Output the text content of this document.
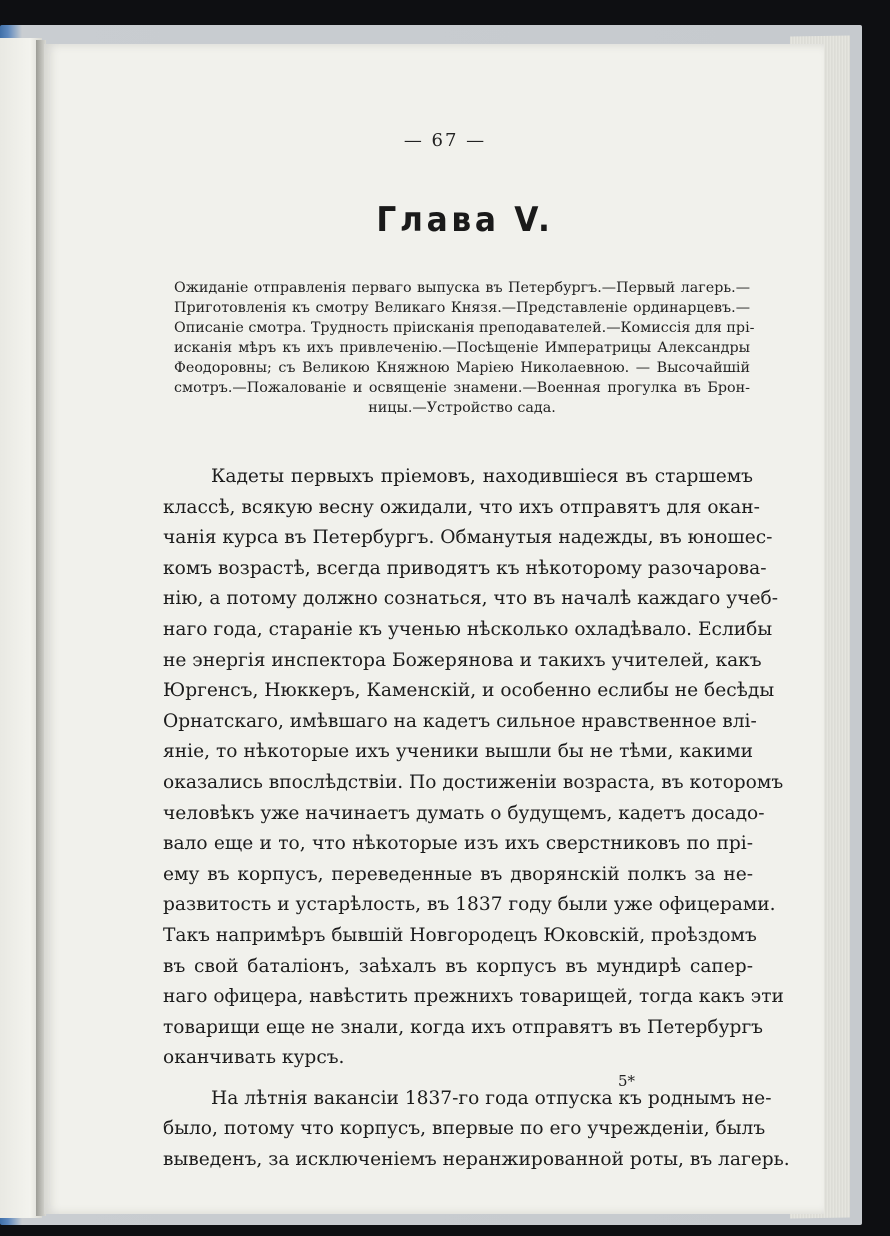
— 67 —
Глава V.
Ожиданіе отправленія перваго выпуска въ Петербургъ.—Первый лагерь.—
Приготовленія къ смотру Великаго Князя.—Представленіе ординарцевъ.—
Описаніе смотра. Трудность пріисканія преподавателей.—Комиссія для прі-
исканія мѣръ къ ихъ привлеченію.—Посѣщеніе Императрицы Александры
Феодоровны; съ Великою Княжною Маріею Николаевною. — Высочайшій
смотръ.—Пожалованіе и освященіе знамени.—Военная прогулка въ Брон-
ницы.—Устройство сада.
Кадеты первыхъ пріемовъ, находившіеся въ старшемъ
классѣ, всякую весну ожидали, что ихъ отправятъ для окан-
чанія курса въ Петербургъ. Обманутыя надежды, въ юношес-
комъ возрастѣ, всегда приводятъ къ нѣкоторому разочарова-
нію, а потому должно сознаться, что въ началѣ каждаго учеб-
наго года, стараніе къ ученью нѣсколько охладѣвало. Еслибы
не энергія инспектора Божерянова и такихъ учителей, какъ
Юргенсъ, Нюккеръ, Каменскій, и особенно еслибы не бесѣды
Орнатскаго, имѣвшаго на кадетъ сильное нравственное влі-
яніе, то нѣкоторые ихъ ученики вышли бы не тѣми, какими
оказались впослѣдствіи. По достиженіи возраста, въ которомъ
человѣкъ уже начинаетъ думать о будущемъ, кадетъ досадо-
вало еще и то, что нѣкоторые изъ ихъ сверстниковъ по прі-
ему въ корпусъ, переведенные въ дворянскій полкъ за не-
развитость и устарѣлость, въ 1837 году были уже офицерами.
Такъ напримѣръ бывшій Новгородецъ Юковскій, проѣздомъ
въ свой баталіонъ, заѣхалъ въ корпусъ въ мундирѣ сапер-
наго офицера, навѣстить прежнихъ товарищей, тогда какъ эти
товарищи еще не знали, когда ихъ отправятъ въ Петербургъ
оканчивать курсъ.
На лѣтнія вакансіи 1837-го года отпуска къ роднымъ не-
было, потому что корпусъ, впервые по его учрежденіи, былъ
выведенъ, за исключеніемъ неранжированной роты, въ лагерь.
5*
